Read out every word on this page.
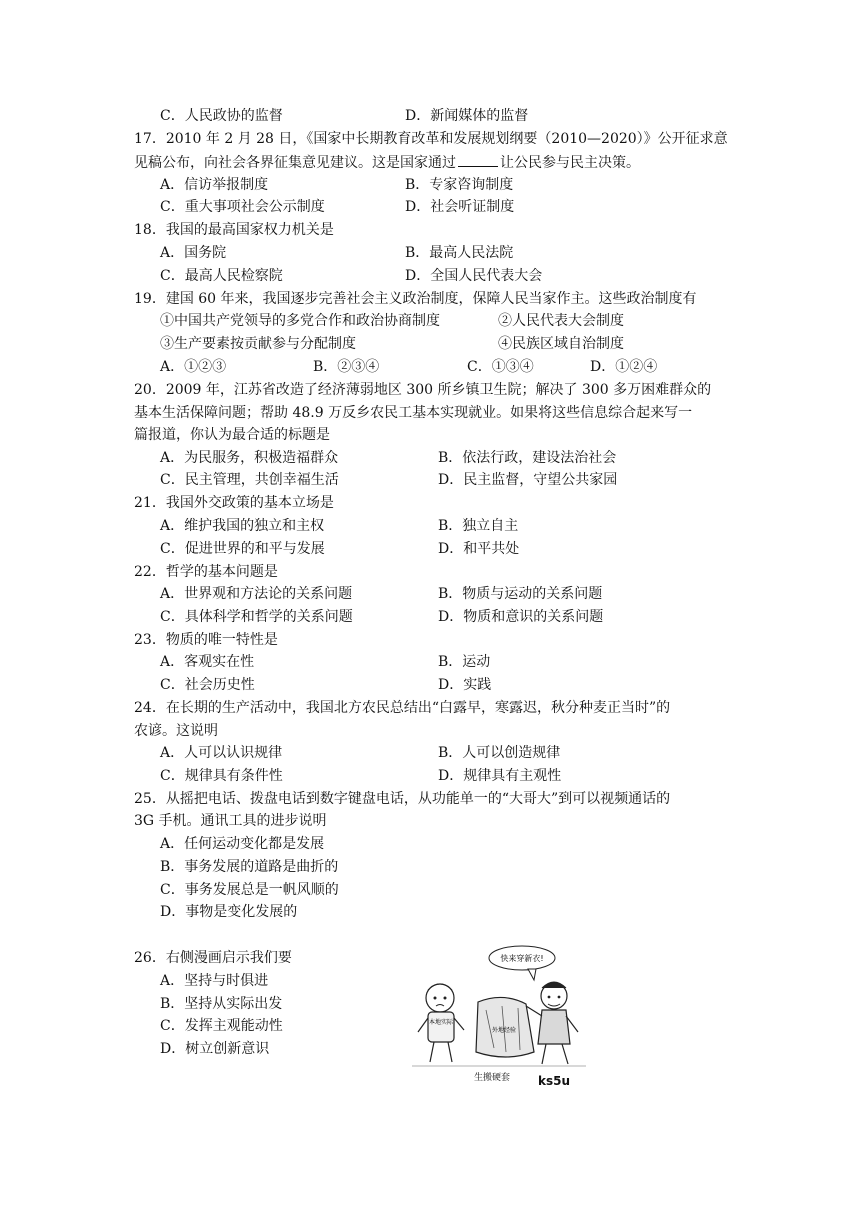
C．人民政协的监督	D．新闻媒体的监督
17．2010 年 2 月 28 日，《国家中长期教育改革和发展规划纲要（2010—2020）》公开征求意
见稿公布，向社会各界征集意见建议。这是国家通过	让公民参与民主决策。
A．信访举报制度	B．专家咨询制度
C．重大事项社会公示制度	D．社会听证制度
18．我国的最高国家权力机关是
A．国务院	B．最高人民法院
C．最高人民检察院	D．全国人民代表大会
19．建国 60 年来，我国逐步完善社会主义政治制度，保障人民当家作主。这些政治制度有
①中国共产党领导的多党合作和政治协商制度	②人民代表大会制度
③生产要素按贡献参与分配制度	④民族区域自治制度
A．①②③	B．②③④	C．①③④	D．①②④
20．2009 年，江苏省改造了经济薄弱地区 300 所乡镇卫生院；解决了 300 多万困难群众的
基本生活保障问题；帮助 48.9 万反乡农民工基本实现就业。如果将这些信息综合起来写一
篇报道，你认为最合适的标题是
A．为民服务，积极造福群众	B．依法行政，建设法治社会
C．民主管理，共创幸福生活	D．民主监督，守望公共家园
21．我国外交政策的基本立场是
A．维护我国的独立和主权	B．独立自主
C．促进世界的和平与发展	D．和平共处
22．哲学的基本问题是
A．世界观和方法论的关系问题	B．物质与运动的关系问题
C．具体科学和哲学的关系问题	D．物质和意识的关系问题
23．物质的唯一特性是
A．客观实在性	B．运动
C．社会历史性	D．实践
24．在长期的生产活动中，我国北方农民总结出“白露早，寒露迟，秋分种麦正当时”的
农谚。这说明
A．人可以认识规律	B．人可以创造规律
C．规律具有条件性	D．规律具有主观性
25．从摇把电话、拨盘电话到数字键盘电话，从功能单一的“大哥大”到可以视频通话的
3G 手机。通讯工具的进步说明
A．任何运动变化都是发展
B．事务发展的道路是曲折的
C．事务发展总是一帆风顺的
D．事物是变化发展的
26．右侧漫画启示我们要
A．坚持与时俱进
B．坚持从实际出发
C．发挥主观能动性
D．树立创新意识
快来穿新衣!
本地实际
外地经验
生搬硬套 ks5u
